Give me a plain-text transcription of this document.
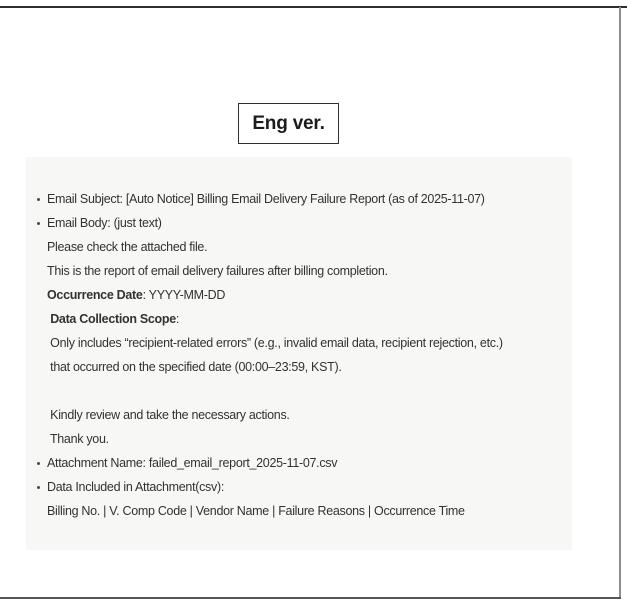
Eng ver.
Email Subject: [Auto Notice] Billing Email Delivery Failure Report (as of 2025-11-07)
Email Body: (just text)
Please check the attached file.
This is the report of email delivery failures after billing completion.
Occurrence Date: YYYY-MM-DD
Data Collection Scope:
Only includes “recipient-related errors” (e.g., invalid email data, recipient rejection, etc.)
that occurred on the specified date (00:00–23:59, KST).
Kindly review and take the necessary actions.
Thank you.
Attachment Name: failed_email_report_2025-11-07.csv
Data Included in Attachment(csv):
Billing No. | V. Comp Code | Vendor Name | Failure Reasons | Occurrence Time
